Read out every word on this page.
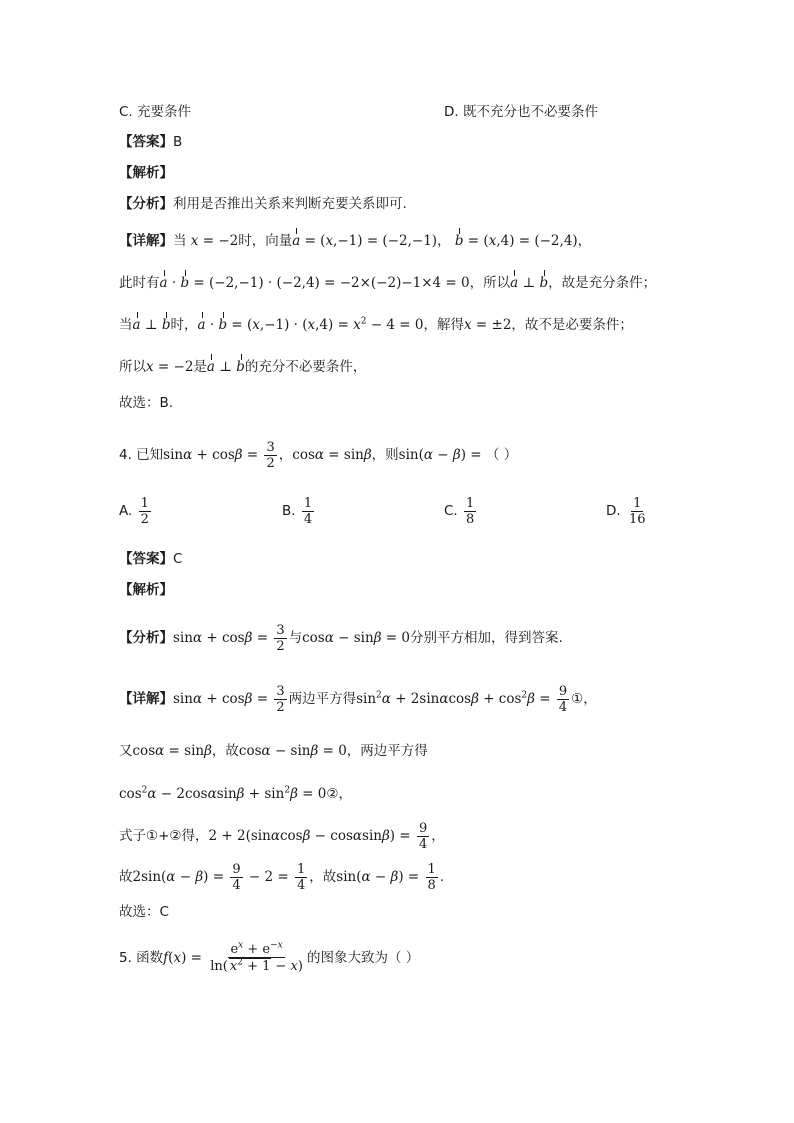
C. 充要条件	D. 既不充分也不必要条件
【答案】B
【解析】
【分析】利用是否推出关系来判断充要关系即可.
【详解】当 x = −2时，向量a = (x,−1) = (−2,−1)， b = (x,4) = (−2,4)，
此时有a · b = (−2,−1) · (−2,4) = −2×(−2)−1×4 = 0，所以a ⊥ b，故是充分条件；
当a ⊥ b时，$a \cdot b = (x,-1) \cdot (x,4) = x^2 - 4 = 0$，解得x = ±2，故不是必要条件；
所以x = −2是a ⊥ b的充分不必要条件，
故选：B.
4. 已知$\sin\alpha + \cos\beta = \frac{3}{2}$ ，cosα = sinβ，则sin(α − β) = （ ）
A. $\frac{1}{2}$	B. $\frac{1}{4}$	C. $\frac{1}{8}$	D. $\frac{1}{16}$
【答案】C
【解析】
【分析】$\sin\alpha + \cos\beta = \frac{3}{2}$ 与cosα − sinβ = 0分别平方相加，得到答案.
【详解】$\sin\alpha + \cos\beta = \frac{3}{2}$ 两边平方得$\sin^2\alpha + 2\sin\alpha\cos\beta + \cos^2\beta = \frac{9}{4}$ ①，
又cosα = sinβ，故cosα − sinβ = 0，两边平方得
$\cos^2\alpha - 2\cos\alpha\sin\beta + \sin^2\beta$ = 0②，
式子①+②得，$2 + 2(\sin\alpha\cos\beta - \cos\alpha\sin\beta) = \frac{9}{4}$ ，
故$2\sin(\alpha - \beta) = \frac{9}{4} - 2 = \frac{1}{4}$ ，故$\sin(\alpha - \beta) = \frac{1}{8}$ .
故选：C
5. 函数$f(x) = \frac{e^x + e^{-x}}{\ln( x^2 + 1 - x)}$ 的图象大致为（ ）
